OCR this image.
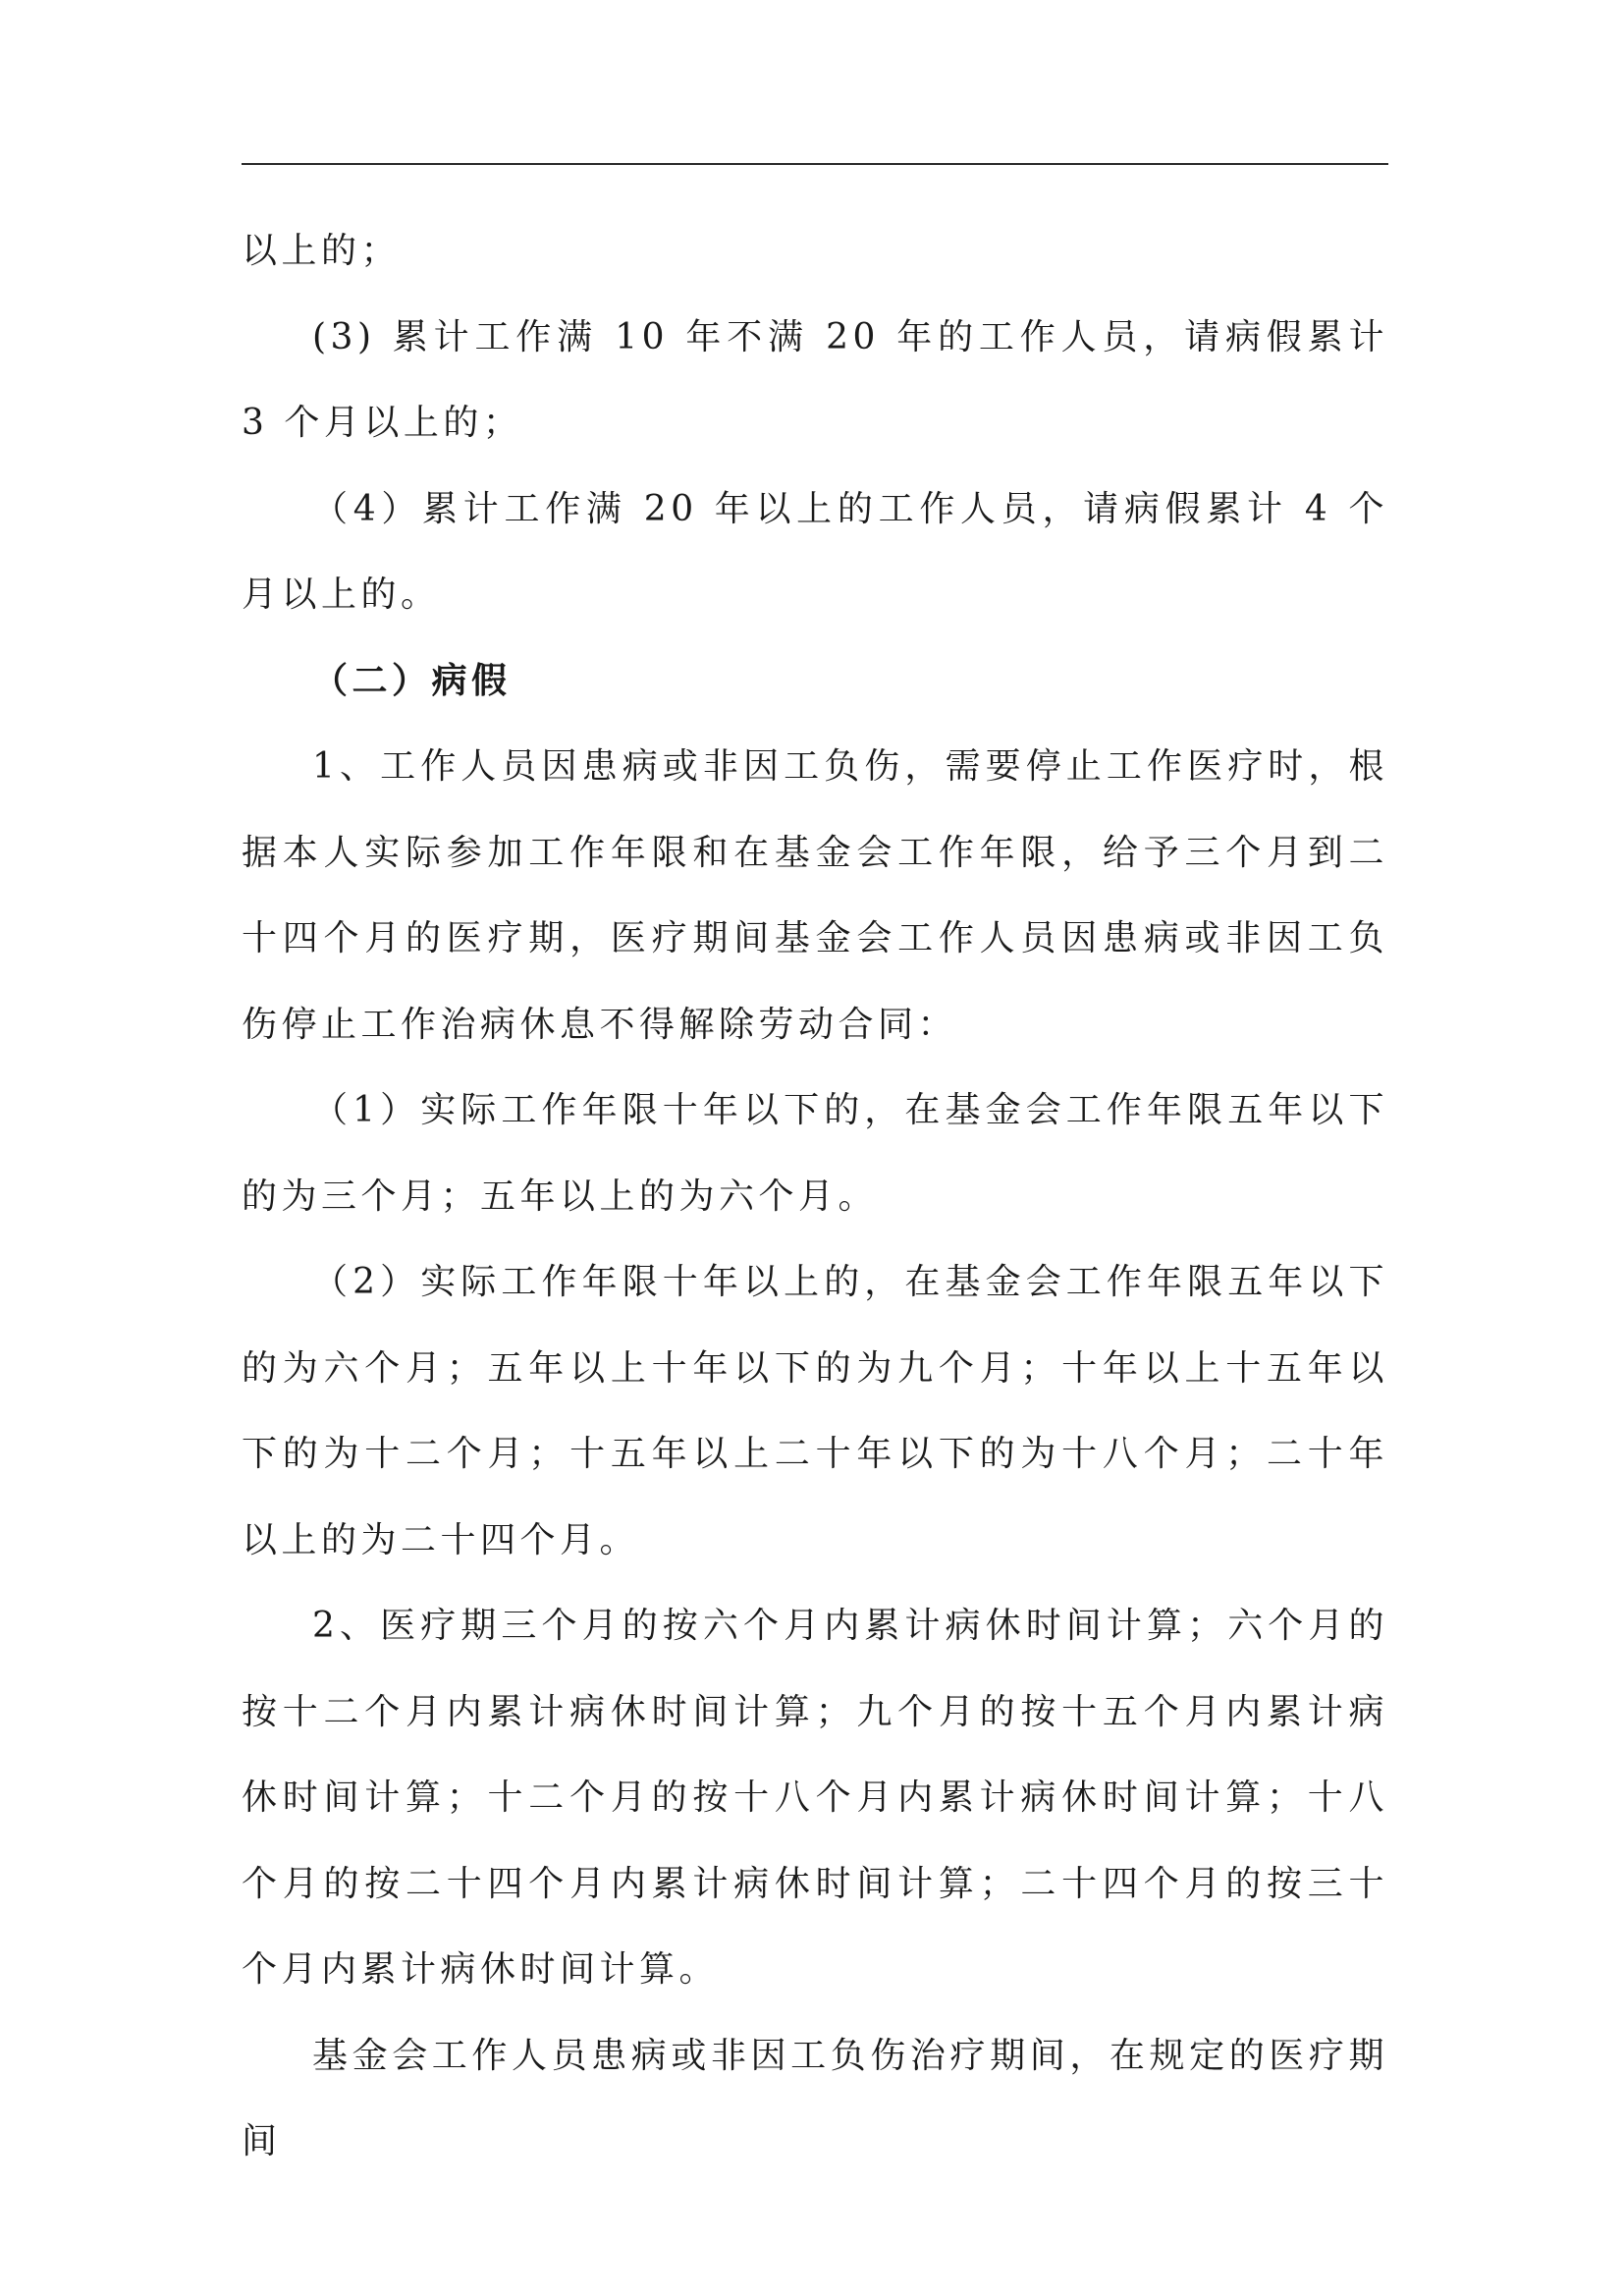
以上的；

(3) 累计工作满 10 年不满 20 年的工作人员，请病假累计 3 个月以上的；

（4）累计工作满 20 年以上的工作人员，请病假累计 4 个月以上的。

（二）病假

1、工作人员因患病或非因工负伤，需要停止工作医疗时，根据本人实际参加工作年限和在基金会工作年限，给予三个月到二十四个月的医疗期，医疗期间基金会工作人员因患病或非因工负伤停止工作治病休息不得解除劳动合同：

（1）实际工作年限十年以下的，在基金会工作年限五年以下的为三个月；五年以上的为六个月。

（2）实际工作年限十年以上的，在基金会工作年限五年以下的为六个月；五年以上十年以下的为九个月；十年以上十五年以下的为十二个月；十五年以上二十年以下的为十八个月；二十年以上的为二十四个月。

2、医疗期三个月的按六个月内累计病休时间计算；六个月的按十二个月内累计病休时间计算；九个月的按十五个月内累计病休时间计算；十二个月的按十八个月内累计病休时间计算；十八个月的按二十四个月内累计病休时间计算；二十四个月的按三十个月内累计病休时间计算。

基金会工作人员患病或非因工负伤治疗期间，在规定的医疗期间
